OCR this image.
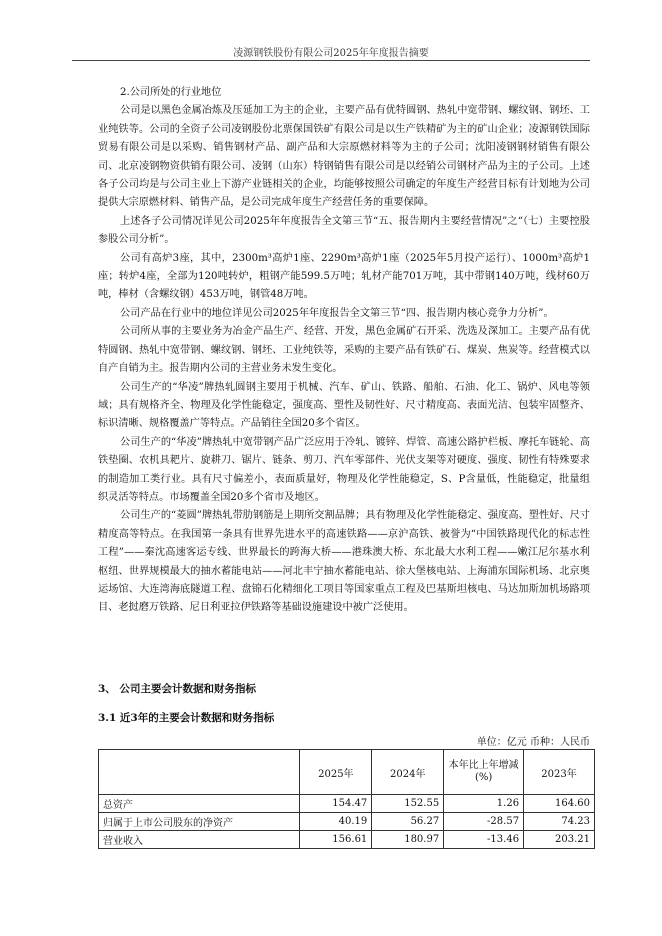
凌源钢铁股份有限公司2025年年度报告摘要

2.公司所处的行业地位

公司是以黑色金属冶炼及压延加工为主的企业，主要产品有优特圆钢、热轧中宽带钢、螺纹钢、钢坯、工业纯铁等。公司的全资子公司凌钢股份北票保国铁矿有限公司是以生产铁精矿为主的矿山企业；凌源钢铁国际贸易有限公司是以采购、销售钢材产品、副产品和大宗原燃材料等为主的子公司；沈阳凌钢钢材销售有限公司、北京凌钢物资供销有限公司、凌钢（山东）特钢销售有限公司是以经销公司钢材产品为主的子公司。上述各子公司均是与公司主业上下游产业链相关的企业，均能够按照公司确定的年度生产经营目标有计划地为公司提供大宗原燃材料、销售产品，是公司完成年度生产经营任务的重要保障。

上述各子公司情况详见公司2025年年度报告全文第三节“五、报告期内主要经营情况”之“（七）主要控股参股公司分析”。

公司有高炉3座，其中，2300m³高炉1座、2290m³高炉1座（2025年5月投产运行）、1000m³高炉1座；转炉4座，全部为120吨转炉，粗钢产能599.5万吨；轧材产能701万吨，其中带钢140万吨，线材60万吨，棒材（含螺纹钢）453万吨，钢管48万吨。

公司产品在行业中的地位详见公司2025年年度报告全文第三节“四、报告期内核心竞争力分析”。

公司所从事的主要业务为冶金产品生产、经营、开发，黑色金属矿石开采、洗选及深加工。主要产品有优特圆钢、热轧中宽带钢、螺纹钢、钢坯、工业纯铁等，采购的主要产品有铁矿石、煤炭、焦炭等。经营模式以自产自销为主。报告期内公司的主营业务未发生变化。

公司生产的“华凌”牌热轧圆钢主要用于机械、汽车、矿山、铁路、船舶、石油、化工、锅炉、风电等领域；具有规格齐全、物理及化学性能稳定，强度高、塑性及韧性好、尺寸精度高、表面光洁、包装牢固整齐、标识清晰、规格覆盖广等特点。产品销往全国20多个省区。

公司生产的“华凌”牌热轧中宽带钢产品广泛应用于冷轧、镀锌、焊管、高速公路护栏板、摩托车链轮、高铁垫圈、农机具耙片、旋耕刀、锯片、链条、剪刀、汽车零部件、光伏支架等对硬度、强度、韧性有特殊要求的制造加工类行业。具有尺寸偏差小，表面质量好，物理及化学性能稳定，S、P含量低，性能稳定，批量组织灵活等特点。市场覆盖全国20多个省市及地区。

公司生产的“菱圆”牌热轧带肋钢筋是上期所交割品牌；具有物理及化学性能稳定、强度高、塑性好、尺寸精度高等特点。在我国第一条具有世界先进水平的高速铁路——京沪高铁、被誉为“中国铁路现代化的标志性工程”——秦沈高速客运专线、世界最长的跨海大桥——港珠澳大桥、东北最大水利工程——嫩江尼尔基水利枢纽、世界规模最大的抽水蓄能电站——河北丰宁抽水蓄能电站、徐大堡核电站、上海浦东国际机场、北京奥运场馆、大连湾海底隧道工程、盘锦石化精细化工项目等国家重点工程及巴基斯坦核电、马达加斯加机场路项目、老挝磨万铁路、尼日利亚拉伊铁路等基础设施建设中被广泛使用。

3、 公司主要会计数据和财务指标
3.1 近3年的主要会计数据和财务指标
单位：亿元 币种：人民币
	2025年	2024年	本年比上年增减(%)	2023年
总资产	154.47	152.55	1.26	164.60
归属于上市公司股东的净资产	40.19	56.27	-28.57	74.23
营业收入	156.61	180.97	-13.46	203.21
